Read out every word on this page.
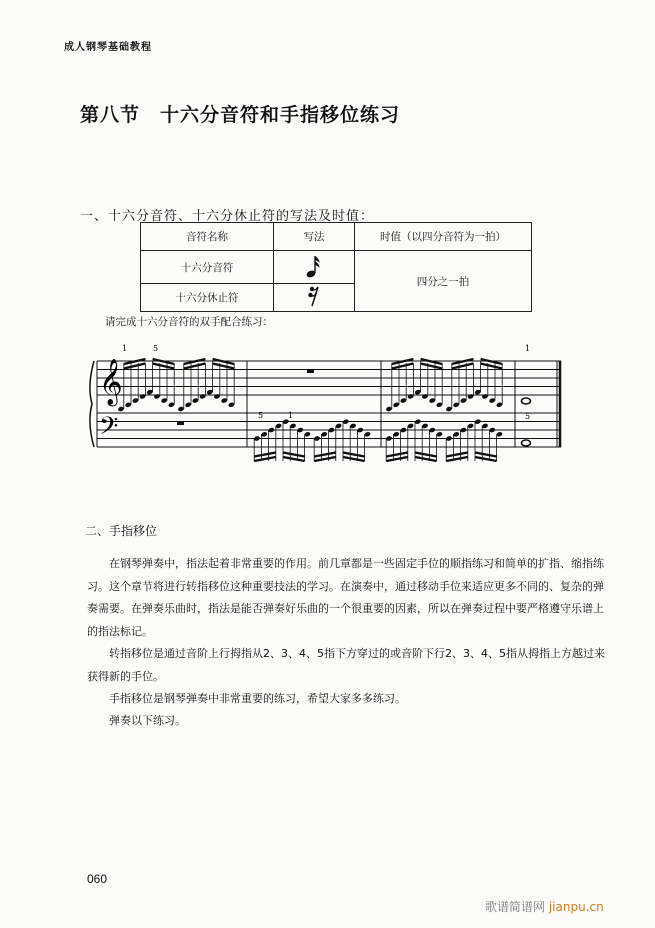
成人钢琴基础教程
第八节　十六分音符和手指移位练习
一、十六分音符、十六分休止符的写法及时值：
音符名称	写法	时值（以四分音符为一拍）
十六分音符		四分之一拍
十六分休止符	
请完成十六分音符的双手配合练习：
𝄞
𝄢
1	5	1
5	1	5
二、手指移位
在钢琴弹奏中，指法起着非常重要的作用。前几章都是一些固定手位的顺指练习和简单的扩指、缩指练习。这个章节将进行转指移位这种重要技法的学习。在演奏中，通过移动手位来适应更多不同的、复杂的弹奏需要。在弹奏乐曲时，指法是能否弹奏好乐曲的一个很重要的因素，所以在弹奏过程中要严格遵守乐谱上的指法标记。
转指移位是通过音阶上行拇指从2、3、4、5指下方穿过的或音阶下行2、3、4、5指从拇指上方越过来获得新的手位。
手指移位是钢琴弹奏中非常重要的练习，希望大家多多练习。
弹奏以下练习。
060
歌谱简谱网 jianpu.cn
